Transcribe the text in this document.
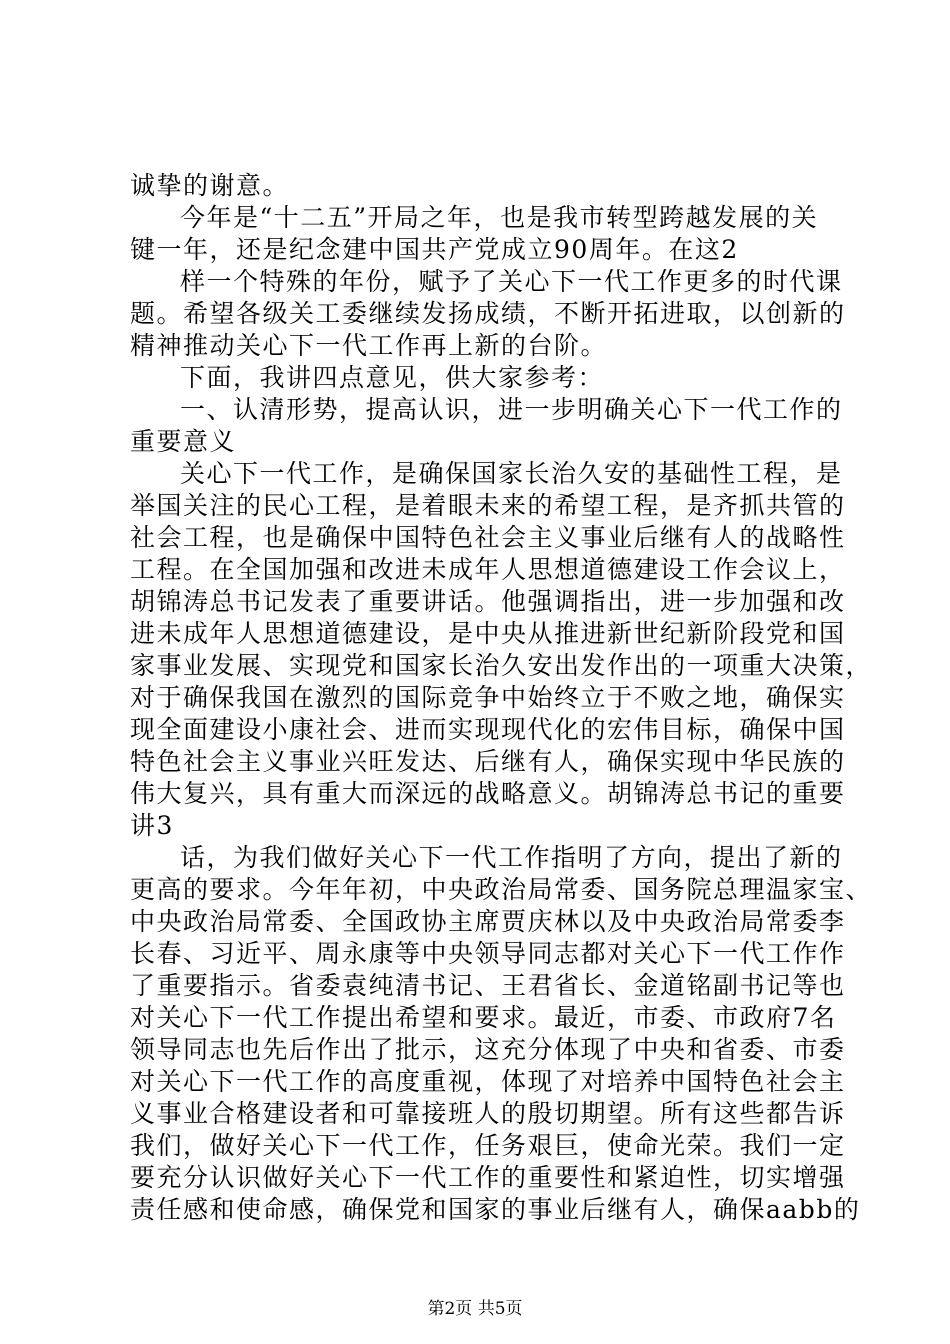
诚挚的谢意。
今年是“十二五”开局之年，也是我市转型跨越发展的关
键一年，还是纪念建中国共产党成立90周年。在这2
样一个特殊的年份，赋予了关心下一代工作更多的时代课
题。希望各级关工委继续发扬成绩，不断开拓进取，以创新的
精神推动关心下一代工作再上新的台阶。
下面，我讲四点意见，供大家参考：
一、认清形势，提高认识，进一步明确关心下一代工作的
重要意义
关心下一代工作，是确保国家长治久安的基础性工程，是
举国关注的民心工程，是着眼未来的希望工程，是齐抓共管的
社会工程，也是确保中国特色社会主义事业后继有人的战略性
工程。在全国加强和改进未成年人思想道德建设工作会议上，
胡锦涛总书记发表了重要讲话。他强调指出，进一步加强和改
进未成年人思想道德建设，是中央从推进新世纪新阶段党和国
家事业发展、实现党和国家长治久安出发作出的一项重大决策，
对于确保我国在激烈的国际竞争中始终立于不败之地，确保实
现全面建设小康社会、进而实现现代化的宏伟目标，确保中国
特色社会主义事业兴旺发达、后继有人，确保实现中华民族的
伟大复兴，具有重大而深远的战略意义。胡锦涛总书记的重要
讲3
话，为我们做好关心下一代工作指明了方向，提出了新的
更高的要求。今年年初，中央政治局常委、国务院总理温家宝、
中央政治局常委、全国政协主席贾庆林以及中央政治局常委李
长春、习近平、周永康等中央领导同志都对关心下一代工作作
了重要指示。省委袁纯清书记、王君省长、金道铭副书记等也
对关心下一代工作提出希望和要求。最近，市委、市政府7名
领导同志也先后作出了批示，这充分体现了中央和省委、市委
对关心下一代工作的高度重视，体现了对培养中国特色社会主
义事业合格建设者和可靠接班人的殷切期望。所有这些都告诉
我们，做好关心下一代工作，任务艰巨，使命光荣。我们一定
要充分认识做好关心下一代工作的重要性和紧迫性，切实增强
责任感和使命感，确保党和国家的事业后继有人，确保aabb的
第2页 共5页
